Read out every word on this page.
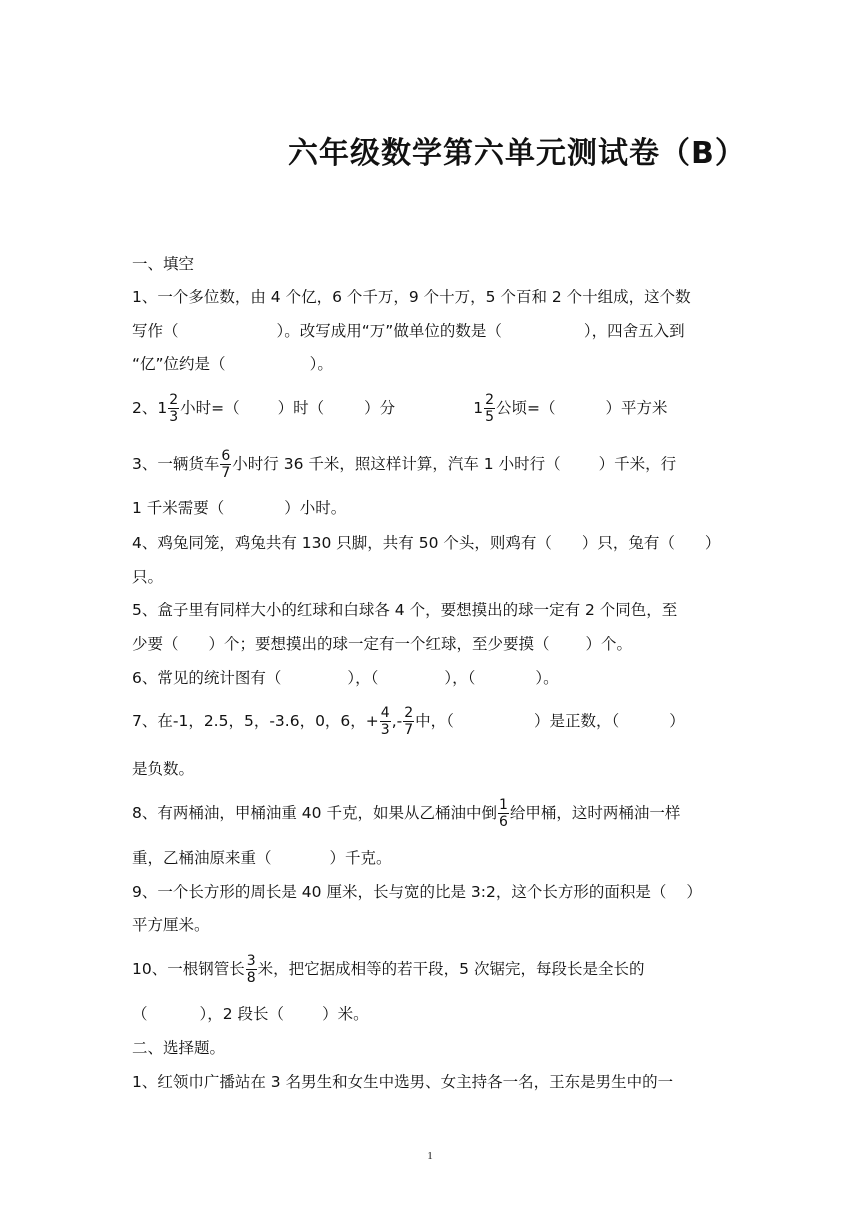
六年级数学第六单元测试卷（B）
一、填空
1、一个多位数，由 4 个亿，6 个千万，9 个十万，5 个百和 2 个十组成，这个数
写作（	）。改写成用“万”做单位的数是（	），四舍五入到
“亿”位约是（	）。
2、$1 \frac{2}{3}$ 小时=（ ）时（	）分	$1 \frac{2}{5}$ 公顷=（	）平方米
3、一辆货车 $\frac{6}{7}$ 小时行 36 千米，照这样计算，汽车 1 小时行（ ）千米，行
1 千米需要（	）小时。
4、鸡兔同笼，鸡兔共有 130 只脚，共有 50 个头，则鸡有（ ）只，兔有（ ）
只。
5、盒子里有同样大小的红球和白球各 4 个，要想摸出的球一定有 2 个同色，至
少要（ ）个；要想摸出的球一定有一个红球，至少要摸（ ）个。
6、常见的统计图有（	），（	），（	）。
7、在-1，2.5，5，-3.6，0，6，+ $\frac{4}{3}$ ,- $\frac{2}{7}$ 中，（	）是正数，（	）
是负数。
8、有两桶油，甲桶油重 40 千克，如果从乙桶油中倒 $\frac{1}{6}$ 给甲桶，这时两桶油一样
重，乙桶油原来重（	）千克。
9、一个长方形的周长是 40 厘米，长与宽的比是 3:2，这个长方形的面积是（ ）
平方厘米。
10、一根钢管长 $\frac{3}{8}$ 米，把它据成相等的若干段，5 次锯完，每段长是全长的
（	），2 段长（ ）米。
二、选择题。
1、红领巾广播站在 3 名男生和女生中选男、女主持各一名，王东是男生中的一
1
